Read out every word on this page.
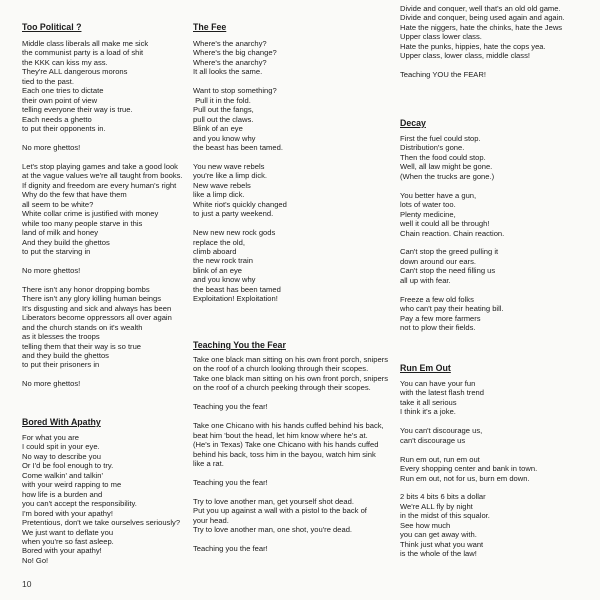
Too Political ?
Middle class liberals all make me sick
the communist party is a load of shit
the KKK can kiss my ass.
They're ALL dangerous morons
tied to the past.
Each one tries to dictate
their own point of view
telling everyone their way is true.
Each needs a ghetto
to put their opponents in.

No more ghettos!

Let's stop playing games and take a good look
at the vague values we're all taught from books.
If dignity and freedom are every human's right
Why do the few that have them
all seem to be white?
White collar crime is justified with money
while too many people starve in this
land of milk and honey
And they build the ghettos
to put the starving in

No more ghettos!

There isn't any honor dropping bombs
There isn't any glory killing human beings
It's disgusting and sick and always has been
Liberators become oppressors all over again
and the church stands on it's wealth
as it blesses the troops
telling them that their way is so true
and they build the ghettos
to put their prisoners in

No more ghettos!
Bored With Apathy
For what you are
I could spit in your eye.
No way to describe you
Or I'd be fool enough to try.
Come walkin' and talkin'
with your weird rapping to me
how life is a burden and
you can't accept the responsibility.
I'm bored with your apathy!
Pretentious, don't we take ourselves seriously?
We just want to deflate you
when you're so fast asleep.
Bored with your apathy!
No! Go!
The Fee
Where's the anarchy?
Where's the big change?
Where's the anarchy?
It all looks the same.

Want to stop something?
Pull it in the fold.
Pull out the fangs,
pull out the claws.
Blink of an eye
and you know why
the beast has been tamed.

You new wave rebels
you're like a limp dick.
New wave rebels
like a limp dick.
White riot's quickly changed
to just a party weekend.

New new new rock gods
replace the old,
climb aboard
the new rock train
blink of an eye
and you know why
the beast has been tamed
Exploitation! Exploitation!
Teaching You the Fear
Take one black man sitting on his own front porch, snipers
on the roof of a church looking through their scopes.
Take one black man sitting on his own front porch, snipers
on the roof of a church peeking through their scopes.

Teaching you the fear!

Take one Chicano with his hands cuffed behind his back,
beat him 'bout the head, let him know where he's at.
(He's in Texas) Take one Chicano with his hands cuffed
behind his back, toss him in the bayou, watch him sink
like a rat.

Teaching you the fear!

Try to love another man, get yourself shot dead.
Put you up against a wall with a pistol to the back of
your head.
Try to love another man, one shot, you're dead.

Teaching you the fear!
Divide and conquer, well that's an old old game.
Divide and conquer, being used again and again.
Hate the niggers, hate the chinks, hate the Jews
Upper class lower class.
Hate the punks, hippies, hate the cops yea.
Upper class, lower class, middle class!

Teaching YOU the FEAR!
Decay
First the fuel could stop.
Distribution's gone.
Then the food could stop.
Well, all law might be gone.
(When the trucks are gone.)

You better have a gun,
lots of water too.
Plenty medicine,
well it could all be through!
Chain reaction. Chain reaction.

Can't stop the greed pulling it
down around our ears.
Can't stop the need filling us
all up with fear.

Freeze a few old folks
who can't pay their heating bill.
Pay a few more farmers
not to plow their fields.
Run Em Out
You can have your fun
with the latest flash trend
take it all serious
I think it's a joke.

You can't discourage us,
can't discourage us

Run em out, run em out
Every shopping center and bank in town.
Run em out, not for us, burn em down.

2 bits 4 bits 6 bits a dollar
We're ALL fly by night
in the midst of this squalor.
See how much
you can get away with.
Think just what you want
is the whole of the law!
10
